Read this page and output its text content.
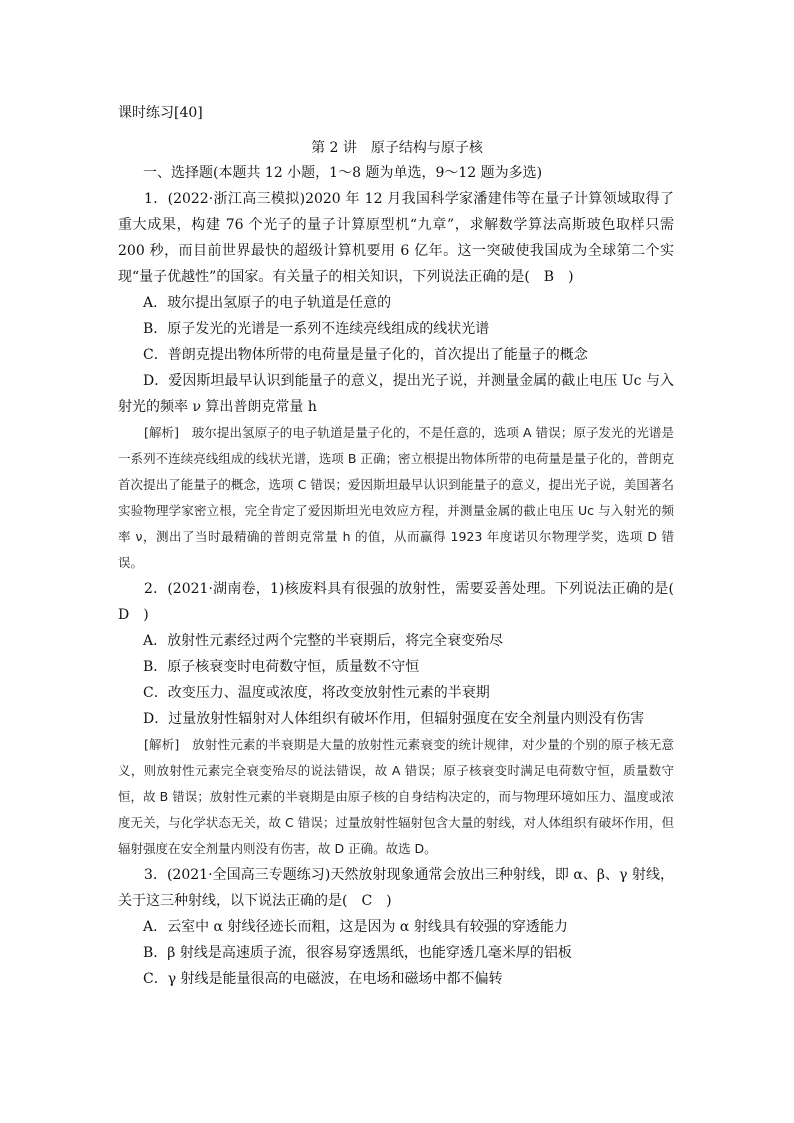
课时练习[40]
第 2 讲　原子结构与原子核

一、选择题(本题共 12 小题，1～8 题为单选，9～12 题为多选)

1．(2022·浙江高三模拟)2020 年 12 月我国科学家潘建伟等在量子计算领域取得了重大成果，构建 76 个光子的量子计算原型机“九章”，求解数学算法高斯玻色取样只需 200 秒，而目前世界最快的超级计算机要用 6 亿年。这一突破使我国成为全球第二个实现“量子优越性”的国家。有关量子的相关知识，下列说法正确的是(　B　)

A．玻尔提出氢原子的电子轨道是任意的

B．原子发光的光谱是一系列不连续亮线组成的线状光谱

C．普朗克提出物体所带的电荷量是量子化的，首次提出了能量子的概念

D．爱因斯坦最早认识到能量子的意义，提出光子说，并测量金属的截止电压 Uc 与入射光的频率 ν 算出普朗克常量 h

[解析]　玻尔提出氢原子的电子轨道是量子化的，不是任意的，选项 A 错误；原子发光的光谱是一系列不连续亮线组成的线状光谱，选项 B 正确；密立根提出物体所带的电荷量是量子化的，普朗克首次提出了能量子的概念，选项 C 错误；爱因斯坦最早认识到能量子的意义，提出光子说，美国著名实验物理学家密立根，完全肯定了爱因斯坦光电效应方程，并测量金属的截止电压 Uc 与入射光的频率 ν，测出了当时最精确的普朗克常量 h 的值，从而赢得 1923 年度诺贝尔物理学奖，选项 D 错误。

2．(2021·湖南卷，1)核废料具有很强的放射性，需要妥善处理。下列说法正确的是(　D　)

A．放射性元素经过两个完整的半衰期后，将完全衰变殆尽

B．原子核衰变时电荷数守恒，质量数不守恒

C．改变压力、温度或浓度，将改变放射性元素的半衰期

D．过量放射性辐射对人体组织有破坏作用，但辐射强度在安全剂量内则没有伤害

[解析]　放射性元素的半衰期是大量的放射性元素衰变的统计规律，对少量的个别的原子核无意义，则放射性元素完全衰变殆尽的说法错误，故 A 错误；原子核衰变时满足电荷数守恒，质量数守恒，故 B 错误；放射性元素的半衰期是由原子核的自身结构决定的，而与物理环境如压力、温度或浓度无关，与化学状态无关，故 C 错误；过量放射性辐射包含大量的射线，对人体组织有破坏作用，但辐射强度在安全剂量内则没有伤害，故 D 正确。故选 D。

3．(2021·全国高三专题练习)天然放射现象通常会放出三种射线，即 α、β、γ 射线，关于这三种射线，以下说法正确的是(　C　)

A．云室中 α 射线径迹长而粗，这是因为 α 射线具有较强的穿透能力

B．β 射线是高速质子流，很容易穿透黑纸，也能穿透几毫米厚的铝板

C．γ 射线是能量很高的电磁波，在电场和磁场中都不偏转
